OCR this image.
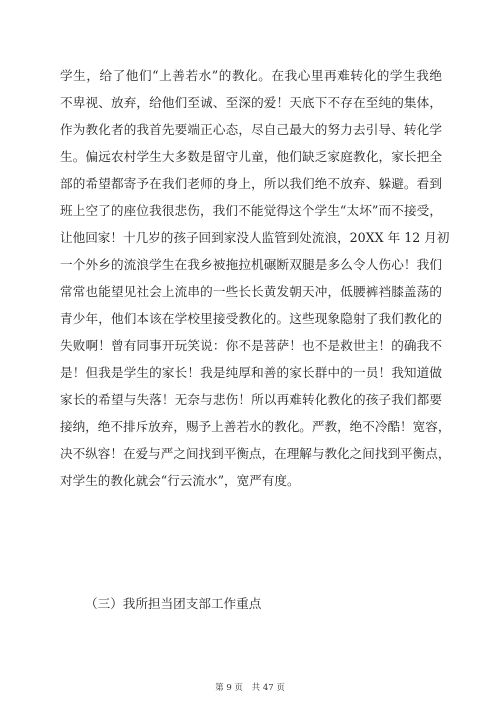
学生，给了他们“上善若水”的教化。在我心里再难转化的学生我绝
不卑视、放弃，给他们至诚、至深的爱！天底下不存在至纯的集体，
作为教化者的我首先要端正心态，尽自己最大的努力去引导、转化学
生。偏远农村学生大多数是留守儿童，他们缺乏家庭教化，家长把全
部的希望都寄予在我们老师的身上，所以我们绝不放弃、躲避。看到
班上空了的座位我很悲伤，我们不能觉得这个学生“太坏”而不接受，
让他回家！十几岁的孩子回到家没人监管到处流浪，20XX 年 12 月初
一个外乡的流浪学生在我乡被拖拉机碾断双腿是多么令人伤心！我们
常常也能望见社会上流串的一些长长黄发朝天冲，低腰裤裆膝盖荡的
青少年，他们本该在学校里接受教化的。这些现象隐射了我们教化的
失败啊！曾有同事开玩笑说：你不是菩萨！也不是救世主！的确我不
是！但我是学生的家长！我是纯厚和善的家长群中的一员！我知道做
家长的希望与失落！无奈与悲伤！所以再难转化教化的孩子我们都要
接纳，绝不排斥放弃，赐予上善若水的教化。严教，绝不冷酷！宽容，
决不纵容！在爱与严之间找到平衡点，在理解与教化之间找到平衡点，
对学生的教化就会“行云流水”，宽严有度。
（三）我所担当团支部工作重点
第 9 页 共 47 页
